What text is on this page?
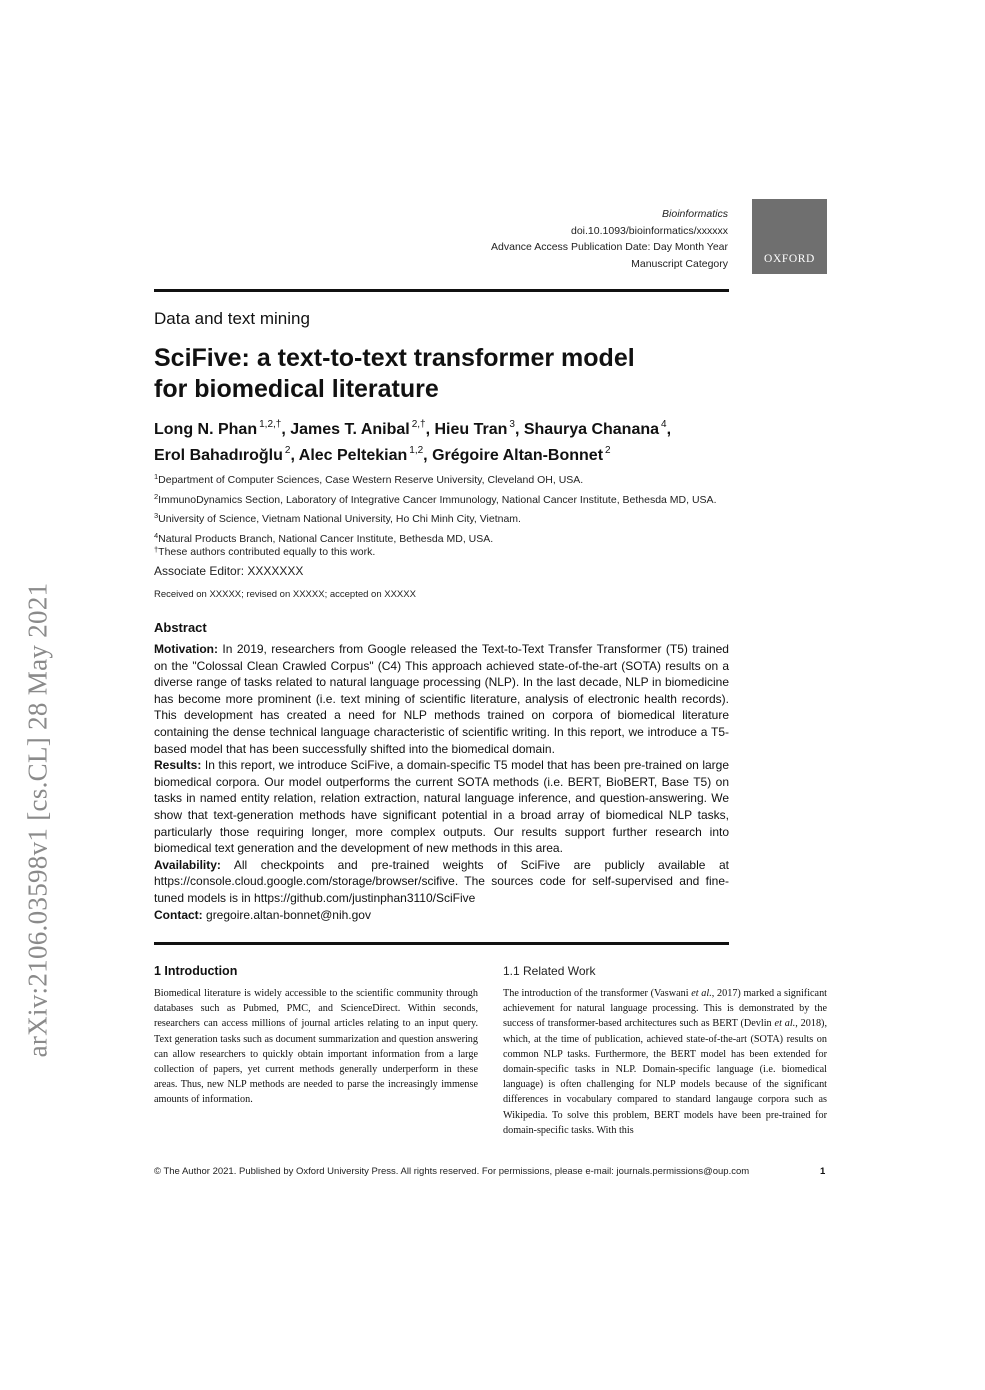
arXiv:2106.03598v1 [cs.CL] 28 May 2021
Bioinformatics
doi.10.1093/bioinformatics/xxxxxx
Advance Access Publication Date: Day Month Year
Manuscript Category	OXFORD
Data and text mining
SciFive: a text-to-text transformer model
for biomedical literature
Long N. Phan $^{1,2,\dagger}$, James T. Anibal $^{2,\dagger}$, Hieu Tran $^3$, Shaurya Chanana $^4$,
Erol Bahadıroğlu $^2$, Alec Peltekian $^{1,2}$, Grégoire Altan-Bonnet $^2$
$^1$Department of Computer Sciences, Case Western Reserve University, Cleveland OH, USA.
$^2$ImmunoDynamics Section, Laboratory of Integrative Cancer Immunology, National Cancer Institute, Bethesda MD, USA.
$^3$University of Science, Vietnam National University, Ho Chi Minh City, Vietnam.
$^4$Natural Products Branch, National Cancer Institute, Bethesda MD, USA.
†These authors contributed equally to this work.
Associate Editor: XXXXXXX
Received on XXXXX; revised on XXXXX; accepted on XXXXX
Abstract

Motivation: In 2019, researchers from Google released the Text-to-Text Transfer Transformer (T5) trained on the "Colossal Clean Crawled Corpus" (C4) This approach achieved state-of-the-art (SOTA) results on a diverse range of tasks related to natural language processing (NLP). In the last decade, NLP in biomedicine has become more prominent (i.e. text mining of scientific literature, analysis of electronic health records). This development has created a need for NLP methods trained on corpora of biomedical literature containing the dense technical language characteristic of scientific writing. In this report, we introduce a T5-based model that has been successfully shifted into the biomedical domain.

Results: In this report, we introduce SciFive, a domain-specific T5 model that has been pre-trained on large biomedical corpora. Our model outperforms the current SOTA methods (i.e. BERT, BioBERT, Base T5) on tasks in named entity relation, relation extraction, natural language inference, and question-answering. We show that text-generation methods have significant potential in a broad array of biomedical NLP tasks, particularly those requiring longer, more complex outputs. Our results support further research into biomedical text generation and the development of new methods in this area.

Availability: All checkpoints and pre-trained weights of SciFive are publicly available at https://console.cloud.google.com/storage/browser/scifive. The sources code for self-supervised and fine-tuned models is in https://github.com/justinphan3110/SciFive

Contact: gregoire.altan-bonnet@nih.gov

1 Introduction
Biomedical literature is widely accessible to the scientific community through databases such as Pubmed, PMC, and ScienceDirect. Within seconds, researchers can access millions of journal articles relating to an input query. Text generation tasks such as document summarization and question answering can allow researchers to quickly obtain important information from a large collection of papers, yet current methods generally underperform in these areas. Thus, new NLP methods are needed to parse the increasingly immense amounts of information.
1.1 Related Work
The introduction of the transformer (Vaswani et al., 2017) marked a significant achievement for natural language processing. This is demonstrated by the success of transformer-based architectures such as BERT (Devlin et al., 2018), which, at the time of publication, achieved state-of-the-art (SOTA) results on common NLP tasks. Furthermore, the BERT model has been extended for domain-specific tasks in NLP. Domain-specific language (i.e. biomedical language) is often challenging for NLP models because of the significant differences in vocabulary compared to standard langauge corpora such as Wikipedia. To solve this problem, BERT models have been pre-trained for domain-specific tasks. With this
© The Author 2021. Published by Oxford University Press. All rights reserved. For permissions, please e-mail: journals.permissions@oup.com	1
